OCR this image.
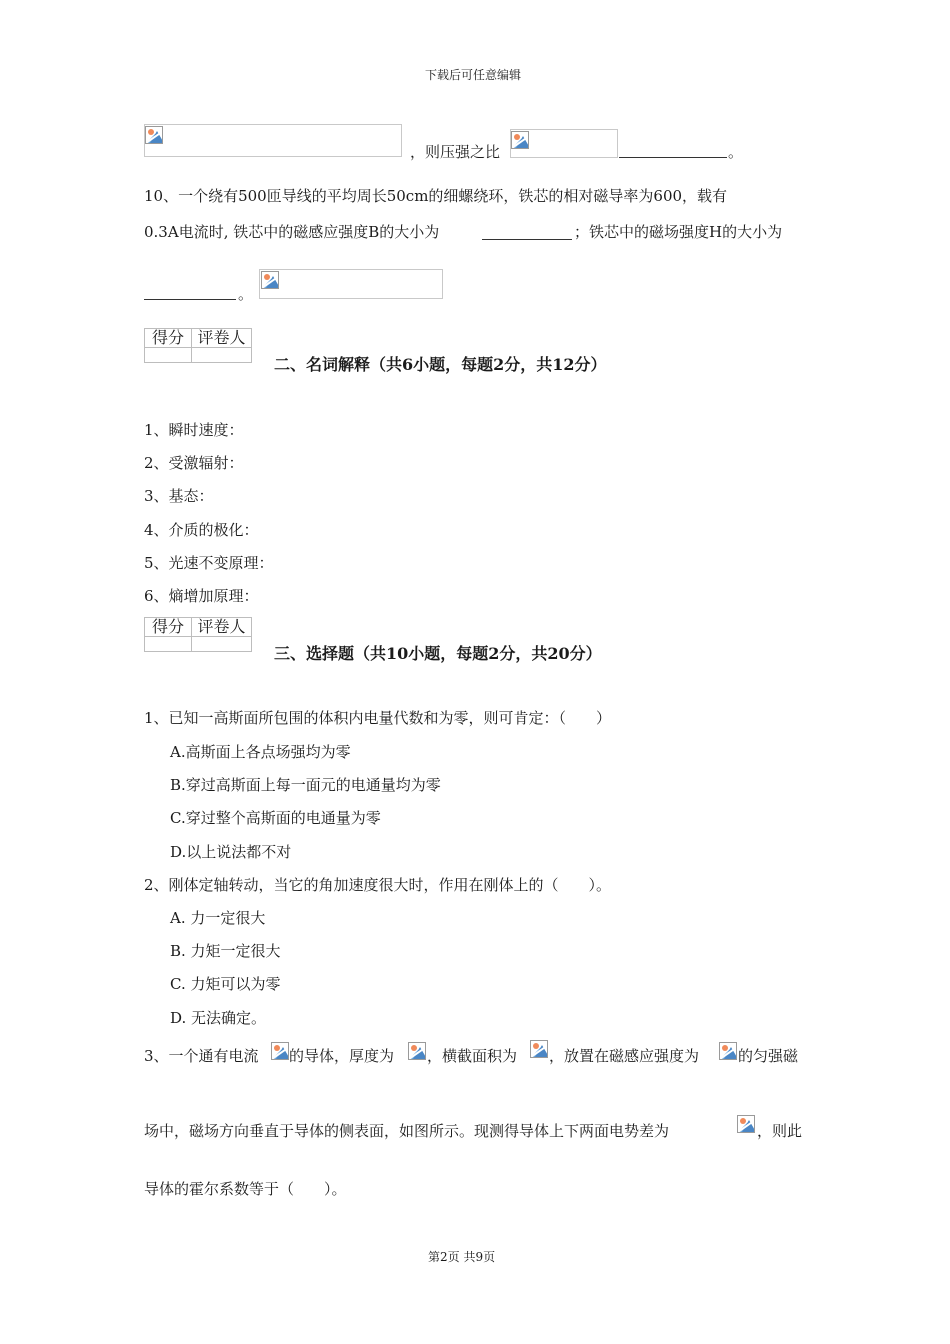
下载后可任意编辑
，则压强之比	。
10、一个绕有500匝导线的平均周长50cm的细螺绕环，铁芯的相对磁导率为600，载有
0.3A电流时, 铁芯中的磁感应强度B的大小为	；铁芯中的磁场强度H的大小为
。
得分	评卷人

二、名词解释（共6小题，每题2分，共12分）
1、瞬时速度：
2、受激辐射：
3、基态：
4、介质的极化：
5、光速不变原理：
6、熵增加原理：
得分	评卷人

三、选择题（共10小题，每题2分，共20分）
1、已知一高斯面所包围的体积内电量代数和为零，则可肯定：（　　）
A.高斯面上各点场强均为零
B.穿过高斯面上每一面元的电通量均为零
C.穿过整个高斯面的电通量为零
D.以上说法都不对
2、刚体定轴转动，当它的角加速度很大时，作用在刚体上的（　　）。
A. 力一定很大
B. 力矩一定很大
C. 力矩可以为零
D. 无法确定。
3、一个通有电流 的导体，厚度为 ，横截面积为 ，放置在磁感应强度为	的匀强磁
场中，磁场方向垂直于导体的侧表面，如图所示。现测得导体上下两面电势差为	，则此
导体的霍尔系数等于（　　）。
第2页 共9页
